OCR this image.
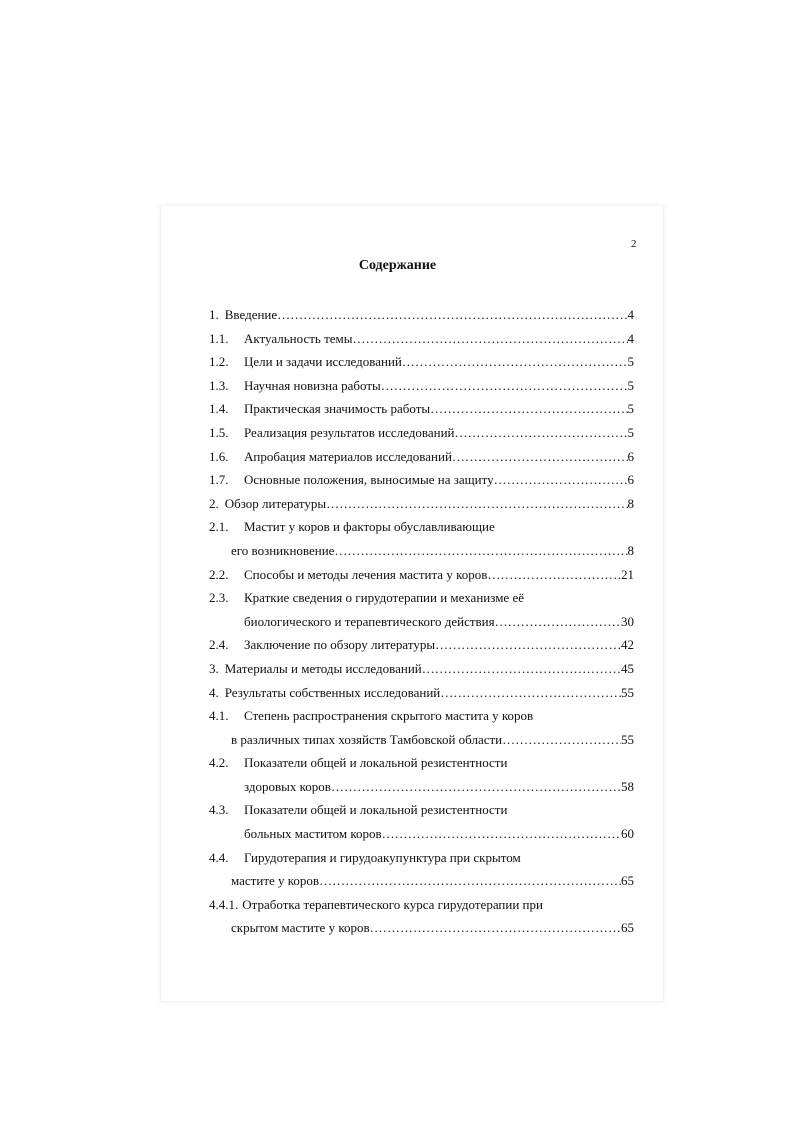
2
Содержание
1. Введение ……………………………………………………………………………………………………………………	4
1.1.	Актуальность темы ……………………………………………………………………………………………………………………	4
1.2.	Цели и задачи исследований ……………………………………………………………………………………………………………………	5
1.3.	Научная новизна работы ……………………………………………………………………………………………………………………	5
1.4.	Практическая значимость работы ……………………………………………………………………………………………………………………	5
1.5.	Реализация результатов исследований ……………………………………………………………………………………………………………………	5
1.6.	Апробация материалов исследований ……………………………………………………………………………………………………………………	6
1.7.	Основные положения, выносимые на защиту ……………………………………………………………………………………………………………………	6
2. Обзор литературы ……………………………………………………………………………………………………………………	8
2.1.	Мастит у коров и факторы обуславливающие
его возникновение ……………………………………………………………………………………………………………………	8
2.2.	Способы и методы лечения мастита у коров ……………………………………………………………………………………………………………………	21
2.3.	Краткие сведения о гирудотерапии и механизме её
биологического и терапевтического действия ……………………………………………………………………………………………………………………	30
2.4.	Заключение по обзору литературы ……………………………………………………………………………………………………………………	42
3. Материалы и методы исследований ……………………………………………………………………………………………………………………	45
4. Результаты собственных исследований ……………………………………………………………………………………………………………………	55
4.1.	Степень распространения скрытого мастита у коров
в различных типах хозяйств Тамбовской области ……………………………………………………………………………………………………………………	55
4.2.	Показатели общей и локальной резистентности
здоровых коров ……………………………………………………………………………………………………………………	58
4.3.	Показатели общей и локальной резистентности
больных маститом коров ……………………………………………………………………………………………………………………	60
4.4.	Гирудотерапия и гирудоакупунктура при скрытом
мастите у коров ……………………………………………………………………………………………………………………	65
4.4.1. Отработка терапевтического курса гирудотерапии при
скрытом мастите у коров ……………………………………………………………………………………………………………………	65
